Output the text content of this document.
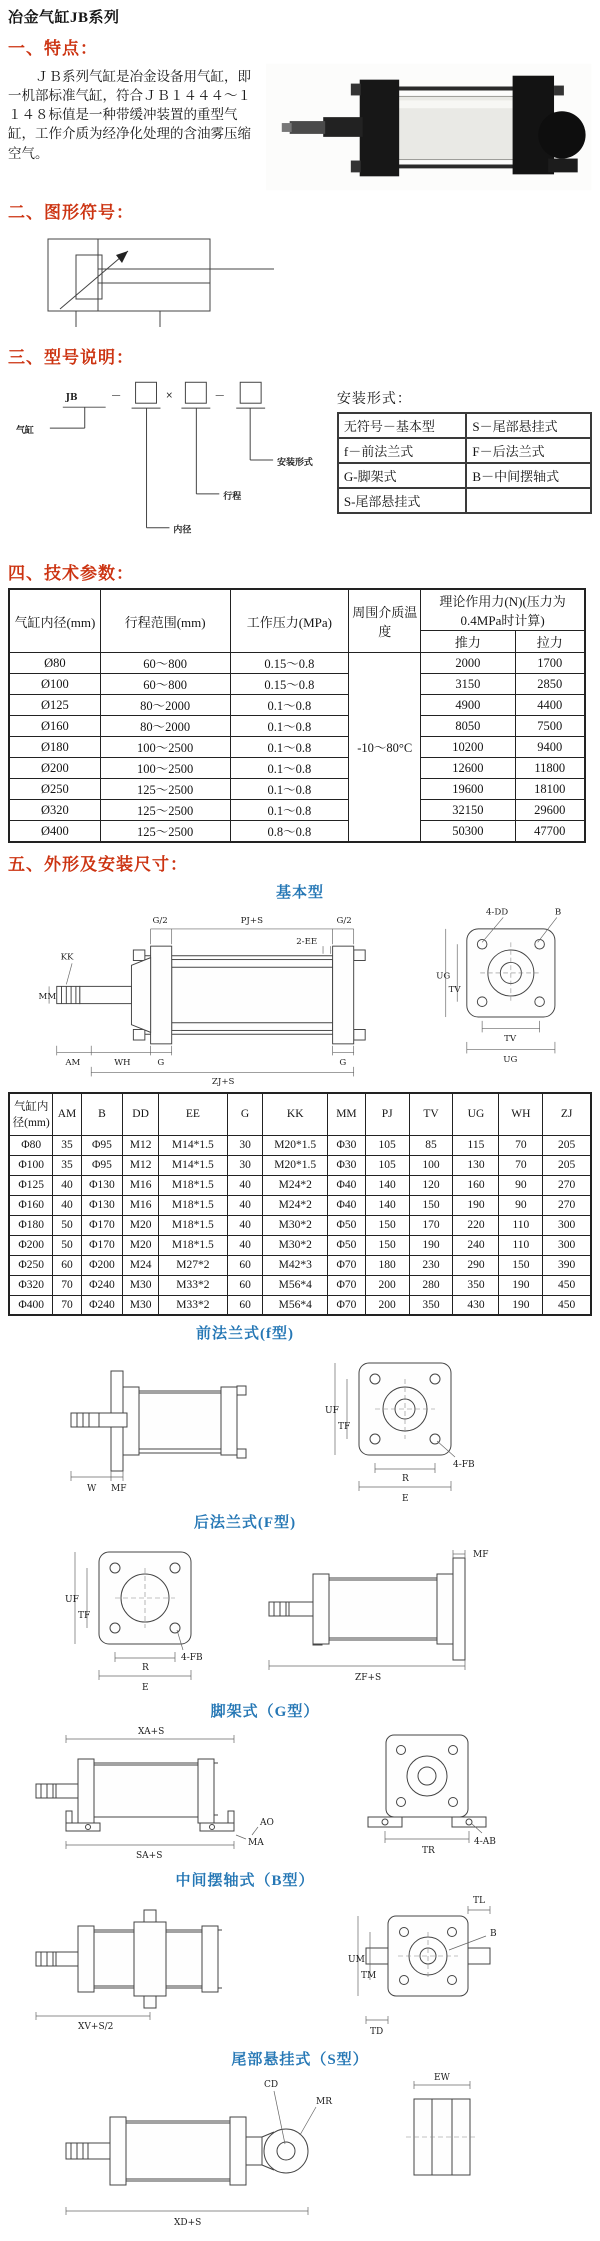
冶金气缸JB系列
一、特点：
ＪＢ系列气缸是冶金设备用气缸，即一机部标准气缸，符合ＪＢ１４４４～１１４８标值是一种带缓冲装置的重型气缸，工作介质为经净化处理的含油雾压缩空气。
二、图形符号：
三、型号说明：
JB	—	×	—
气缸
安装形式
行程
内径
安装形式：
无符号－基本型	S－尾部悬挂式
f－前法兰式	F－后法兰式
G-脚架式	B－中间摆轴式
S-尾部悬挂式	
四、技术参数：
气缸内径(mm)	行程范围(mm)	工作压力(MPa)	周围介质温度	理论作用力(N)(压力为0.4MPa时计算)	
				推力	拉力
Ø80	60～800	0.15～0.8	-10～80°C	2000	1700
Ø100	60～800	0.15～0.8		3150	2850
Ø125	80～2000	0.1～0.8		4900	4400
Ø160	80～2000	0.1～0.8		8050	7500
Ø180	100～2500	0.1～0.8		10200	9400
Ø200	100～2500	0.1～0.8		12600	11800
Ø250	125～2500	0.1～0.8		19600	18100
Ø320	125～2500	0.1～0.8		32150	29600
Ø400	125～2500	0.8～0.8		50300	47700
五、外形及安装尺寸：
基本型
G/2	PJ+S	G/2
2-EE
KK
MM
AM	WH	G	G
ZJ+S
4-DD	B
UG
TV
TV
UG
气缸内径(mm)	AM	B	DD	EE	G	KK	MM	PJ	TV	UG	WH	ZJ
Φ80	35	Φ95	M12	M14*1.5	30	M20*1.5	Φ30	105	85	115	70	205
Φ100	35	Φ95	M12	M14*1.5	30	M20*1.5	Φ30	105	100	130	70	205
Φ125	40	Φ130	M16	M18*1.5	40	M24*2	Φ40	140	120	160	90	270
Φ160	40	Φ130	M16	M18*1.5	40	M24*2	Φ40	140	150	190	90	270
Φ180	50	Φ170	M20	M18*1.5	40	M30*2	Φ50	150	170	220	110	300
Φ200	50	Φ170	M20	M18*1.5	40	M30*2	Φ50	150	190	240	110	300
Φ250	60	Φ200	M24	M27*2	60	M42*3	Φ70	180	230	290	150	390
Φ320	70	Φ240	M30	M33*2	60	M56*4	Φ70	200	280	350	190	450
Φ400	70	Φ240	M30	M33*2	60	M56*4	Φ70	200	350	430	190	450
前法兰式(f型)
W MF
4-FB
UF
TF
R
E
后法兰式(F型)
4-FB
UF
TF
R
E
MF
ZF+S
脚架式（G型）
XA+S
SA+S
MA
AO
TR
4-AB
中间摆轴式（B型）
XV+S/2
TL
UM
TM
B
TD
尾部悬挂式（S型）
CD
MR
XD+S
EW
